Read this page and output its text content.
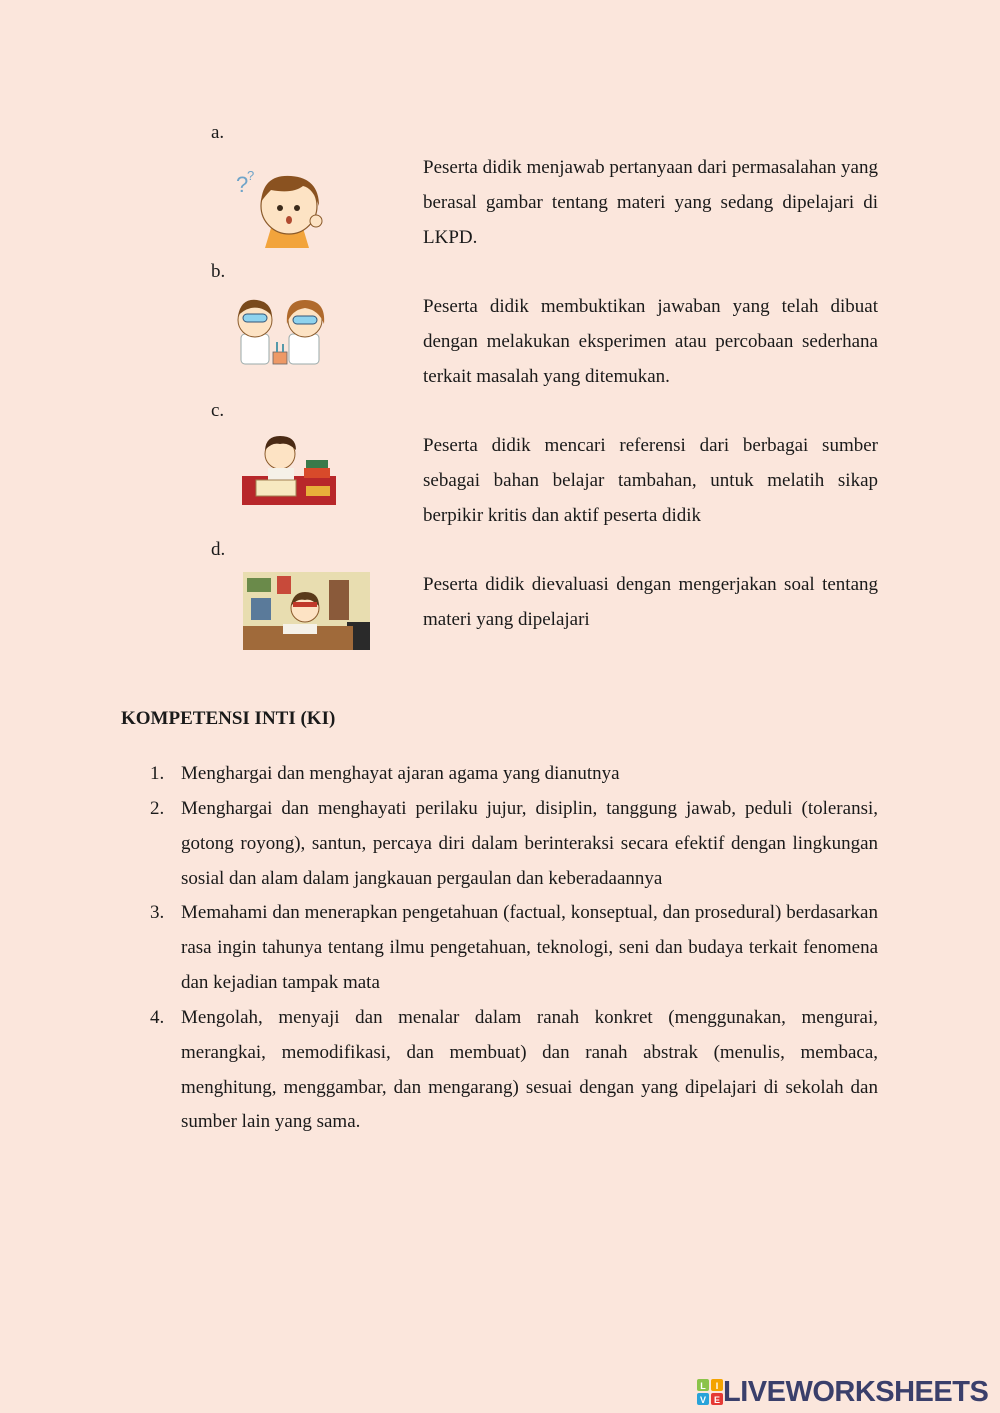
a.
?
?	Peserta didik menjawab pertanyaan dari permasalahan yang berasal gambar tentang materi yang sedang dipelajari di LKPD.
b.
Peserta didik membuktikan jawaban yang telah dibuat dengan melakukan eksperimen atau percobaan sederhana terkait masalah yang ditemukan.
c.
Peserta didik mencari referensi dari berbagai sumber sebagai bahan belajar tambahan, untuk melatih sikap berpikir kritis dan aktif peserta didik
d.
Peserta didik dievaluasi dengan mengerjakan soal tentang materi yang dipelajari
KOMPETENSI INTI (KI)
1. Menghargai dan menghayat ajaran agama yang dianutnya
2. Menghargai dan menghayati perilaku jujur, disiplin, tanggung jawab, peduli (toleransi, gotong royong), santun, percaya diri dalam berinteraksi secara efektif dengan lingkungan sosial dan alam dalam jangkauan pergaulan dan keberadaannya
3. Memahami dan menerapkan pengetahuan (factual, konseptual, dan prosedural) berdasarkan rasa ingin tahunya tentang ilmu pengetahuan, teknologi, seni dan budaya terkait fenomena dan kejadian tampak mata
4. Mengolah, menyaji dan menalar dalam ranah konkret (menggunakan, mengurai, merangkai, memodifikasi, dan membuat) dan ranah abstrak (menulis, membaca, menghitung, menggambar, dan mengarang) sesuai dengan yang dipelajari di sekolah dan sumber lain yang sama.
L I
V E LIVEWORKSHEETS
